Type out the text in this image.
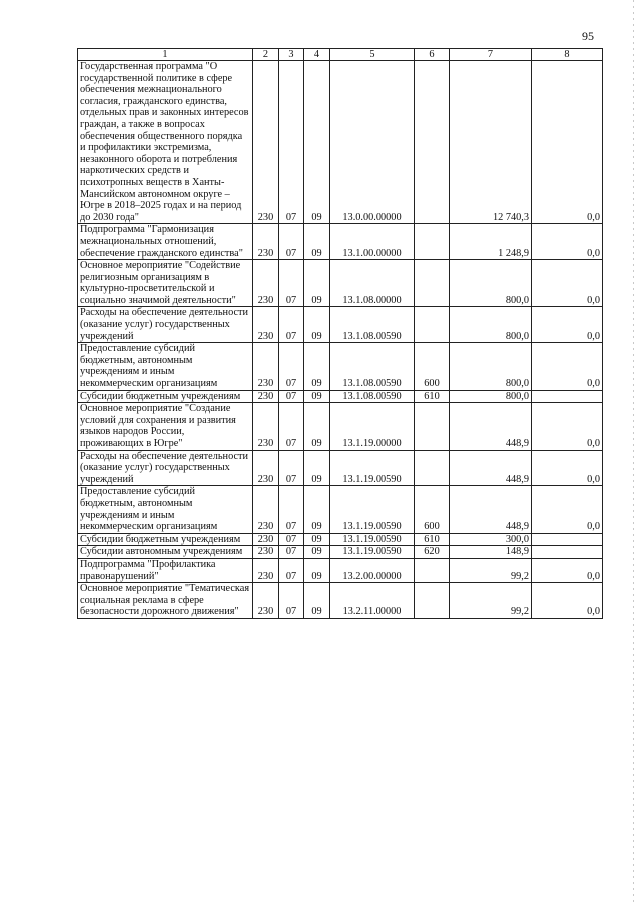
95
1	2	3	4	5	6	7	8
Государственная программа "О государственной политике в сфере обеспечения межнационального согласия, гражданского единства, отдельных прав и законных интересов граждан, а также в вопросах обеспечения общественного порядка и профилактики экстремизма, незаконного оборота и потребления наркотических средств и психотропных веществ в Ханты-Мансийском автономном округе – Югре в 2018–2025 годах и на период до 2030 года"	230	07	09	13.0.00.00000		12 740,3	0,0
Подпрограмма "Гармонизация межнациональных отношений, обеспечение гражданского единства"	230	07	09	13.1.00.00000		1 248,9	0,0
Основное мероприятие "Содействие религиозным организациям в культурно-просветительской и социально значимой деятельности"	230	07	09	13.1.08.00000		800,0	0,0
Расходы на обеспечение деятельности (оказание услуг) государственных учреждений	230	07	09	13.1.08.00590		800,0	0,0
Предоставление субсидий бюджетным, автономным учреждениям и иным некоммерческим организациям	230	07	09	13.1.08.00590	600	800,0	0,0
Субсидии бюджетным учреждениям	230	07	09	13.1.08.00590	610	800,0	
Основное мероприятие "Создание условий для сохранения и развития языков народов России, проживающих в Югре"	230	07	09	13.1.19.00000		448,9	0,0
Расходы на обеспечение деятельности (оказание услуг) государственных учреждений	230	07	09	13.1.19.00590		448,9	0,0
Предоставление субсидий бюджетным, автономным учреждениям и иным некоммерческим организациям	230	07	09	13.1.19.00590	600	448,9	0,0
Субсидии бюджетным учреждениям	230	07	09	13.1.19.00590	610	300,0	
Субсидии автономным учреждениям	230	07	09	13.1.19.00590	620	148,9	
Подпрограмма "Профилактика правонарушений"	230	07	09	13.2.00.00000		99,2	0,0
Основное мероприятие "Тематическая социальная реклама в сфере безопасности дорожного движения"	230	07	09	13.2.11.00000		99,2	0,0
